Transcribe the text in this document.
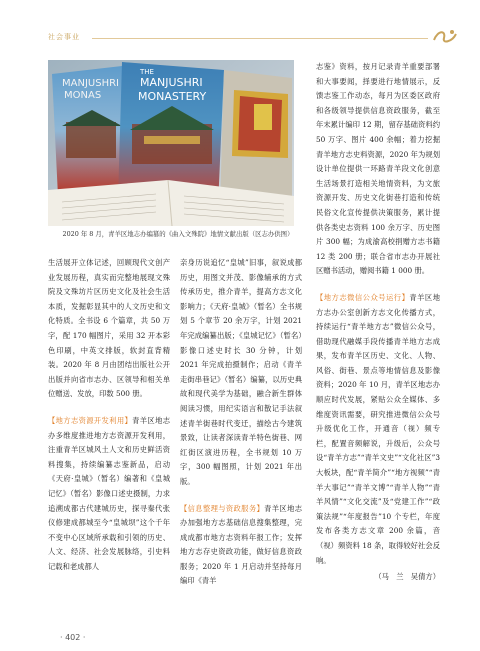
社会事业
MANJUSHRI
MONAS
THE
MANJUSHRI
MONASTERY
2020 年 8 月，青羊区地志办编纂的《曲入文殊院》地情文献出版（区志办供图）

生活展开立体记述，回顾现代文创产业发展历程，真实而完整地展现文殊院及文殊坊片区历史文化及社会生活本质，发掘彰显其中的人文历史和文化特质。全书设 6 个篇章，共 50 万字，配 170 幅图片，采用 32 开本彩色印刷，中英文排版，软封直背精装。2020 年 8 月由团结出版社公开出版并向省市志办、区领导和相关单位赠送、发放，印数 500 册。

【地方志资源开发利用】青羊区地志办多维度推进地方志资源开发利用，注重青羊区城风土人文和历史鲜活资料搜集，持续编纂志鉴新品，启动《天府·皇城》（暂名）编著和《皇城记忆》（暂名）影像口述史摄制，力求追溯成都古代建城历史，探寻秦代张仪修建成都城至今“皇城坝”这个千年不变中心区域所承载和引领的历史、人文、经济、社会发展脉络，引史料记载和老成都人

亲身历说追忆“皇城”旧事，叙说成都历史，用图文并茂、影像辅承的方式传承历史，推介青羊，提高方志文化影响力；《天府·皇城》（暂名）全书规划 5 个章节 20 余万字，计划 2021 年完成编纂出版；《皇城记忆》（暂名）影像口述史时长 30 分钟，计划 2021 年完成拍摄制作；启动《青羊走街串巷记》（暂名）编纂，以历史典故和现代美学为基础，融合新生群体阅读习惯，用纪实语言和散记手法叙述青羊街巷时代变迁，描绘古今建筑景致，让读者深读青羊特色街巷、网红街区演进历程，全书规划 10 万字，300 幅图照，计划 2021 年出版。

【信息整理与资政服务】青羊区地志办加强地方志基础信息搜集整理，完成成都市地方志资料年报工作；发挥地方志存史资政功能，做好信息资政服务；2020 年 1 月启动并坚持每月编印《青羊

志鉴》资料，按月记录青羊重要部署和大事要闻，择要进行地情展示，反馈志鉴工作动态，每月为区委区政府和各级领导提供信息资政服务，截至年末累计编印 12 期，留存基础资料约 50 万字、图片 400 余幅；着力挖掘青羊地方志史料资源，2020 年为规划设计单位提供一环路青羊段文化创意生活场景打造相关地情资料，为文旅资源开发、历史文化街巷打造和传统民俗文化宣传提供决策服务，累计提供各类史志资料 100 余万字、历史图片 300 幅；为成渝高校捐赠方志书籍 12 类 200 册；联合省市志办开展社区赠书活动，赠阅书籍 1 000 册。

【地方志微信公众号运行】青羊区地方志办公室创新方志文化传播方式，持续运行“青羊地方志”微信公众号，借助现代融媒手段传播青羊地方志成果，发布青羊区历史、文化、人物、风俗、街巷、景点等地情信息及影像资料；2020 年 10 月，青羊区地志办顺应时代发展，紧贴公众全媒体、多维度资讯需要，研究推进微信公众号升级优化工作，开通音（视）频专栏，配置音频解说，升级后，公众号设“青羊方志”“青羊文史”“文化社区”3 大板块，配“青羊简介”“地方视频”“青羊大事记”“青羊文博”“青羊人物”“青羊风情”“文化交流”及“党建工作”“政策法规”“年度报告”10 个专栏，年度发布各类方志文章 200 余篇，音（视）频资料 18 条，取得较好社会反响。

（马　兰　吴倩方）
· 402 ·
